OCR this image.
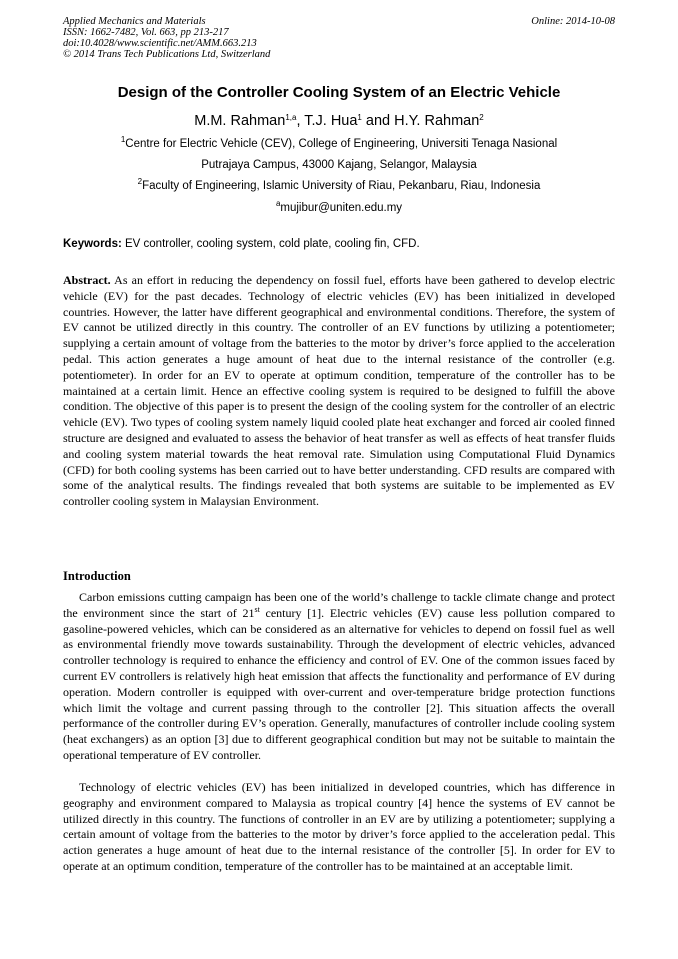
Applied Mechanics and Materials
ISSN: 1662-7482, Vol. 663, pp 213-217
doi:10.4028/www.scientific.net/AMM.663.213
© 2014 Trans Tech Publications Ltd, Switzerland
Online: 2014-10-08
Design of the Controller Cooling System of an Electric Vehicle
M.M. Rahman$^{1,a}$, T.J. Hua$^1$ and H.Y. Rahman$^2$
$^1$Centre for Electric Vehicle (CEV), College of Engineering, Universiti Tenaga Nasional
Putrajaya Campus, 43000 Kajang, Selangor, Malaysia
$^2$Faculty of Engineering, Islamic University of Riau, Pekanbaru, Riau, Indonesia
$^a$mujibur@uniten.edu.my
Keywords: EV controller, cooling system, cold plate, cooling fin, CFD.
Abstract. As an effort in reducing the dependency on fossil fuel, efforts have been gathered to develop electric vehicle (EV) for the past decades. Technology of electric vehicles (EV) has been initialized in developed countries. However, the latter have different geographical and environmental conditions. Therefore, the system of EV cannot be utilized directly in this country. The controller of an EV functions by utilizing a potentiometer; supplying a certain amount of voltage from the batteries to the motor by driver’s force applied to the acceleration pedal. This action generates a huge amount of heat due to the internal resistance of the controller (e.g. potentiometer). In order for an EV to operate at optimum condition, temperature of the controller has to be maintained at a certain limit. Hence an effective cooling system is required to be designed to fulfill the above condition. The objective of this paper is to present the design of the cooling system for the controller of an electric vehicle (EV). Two types of cooling system namely liquid cooled plate heat exchanger and forced air cooled finned structure are designed and evaluated to assess the behavior of heat transfer as well as effects of heat transfer fluids and cooling system material towards the heat removal rate. Simulation using Computational Fluid Dynamics (CFD) for both cooling systems has been carried out to have better understanding. CFD results are compared with some of the analytical results. The findings revealed that both systems are suitable to be implemented as EV controller cooling system in Malaysian Environment.
Introduction

Carbon emissions cutting campaign has been one of the world’s challenge to tackle climate change and protect the environment since the start of 21st century [1]. Electric vehicles (EV) cause less pollution compared to gasoline-powered vehicles, which can be considered as an alternative for vehicles to depend on fossil fuel as well as environmental friendly move towards sustainability. Through the development of electric vehicles, advanced controller technology is required to enhance the efficiency and control of EV. One of the common issues faced by current EV controllers is relatively high heat emission that affects the functionality and performance of EV during operation. Modern controller is equipped with over-current and over-temperature bridge protection functions which limit the voltage and current passing through to the controller [2]. This situation affects the overall performance of the controller during EV’s operation. Generally, manufactures of controller include cooling system (heat exchangers) as an option [3] due to different geographical condition but may not be suitable to maintain the operational temperature of EV controller.

Technology of electric vehicles (EV) has been initialized in developed countries, which has difference in geography and environment compared to Malaysia as tropical country [4] hence the systems of EV cannot be utilized directly in this country. The functions of controller in an EV are by utilizing a potentiometer; supplying a certain amount of voltage from the batteries to the motor by driver’s force applied to the acceleration pedal. This action generates a huge amount of heat due to the internal resistance of the controller [5]. In order for EV to operate at an optimum condition, temperature of the controller has to be maintained at an acceptable limit.
